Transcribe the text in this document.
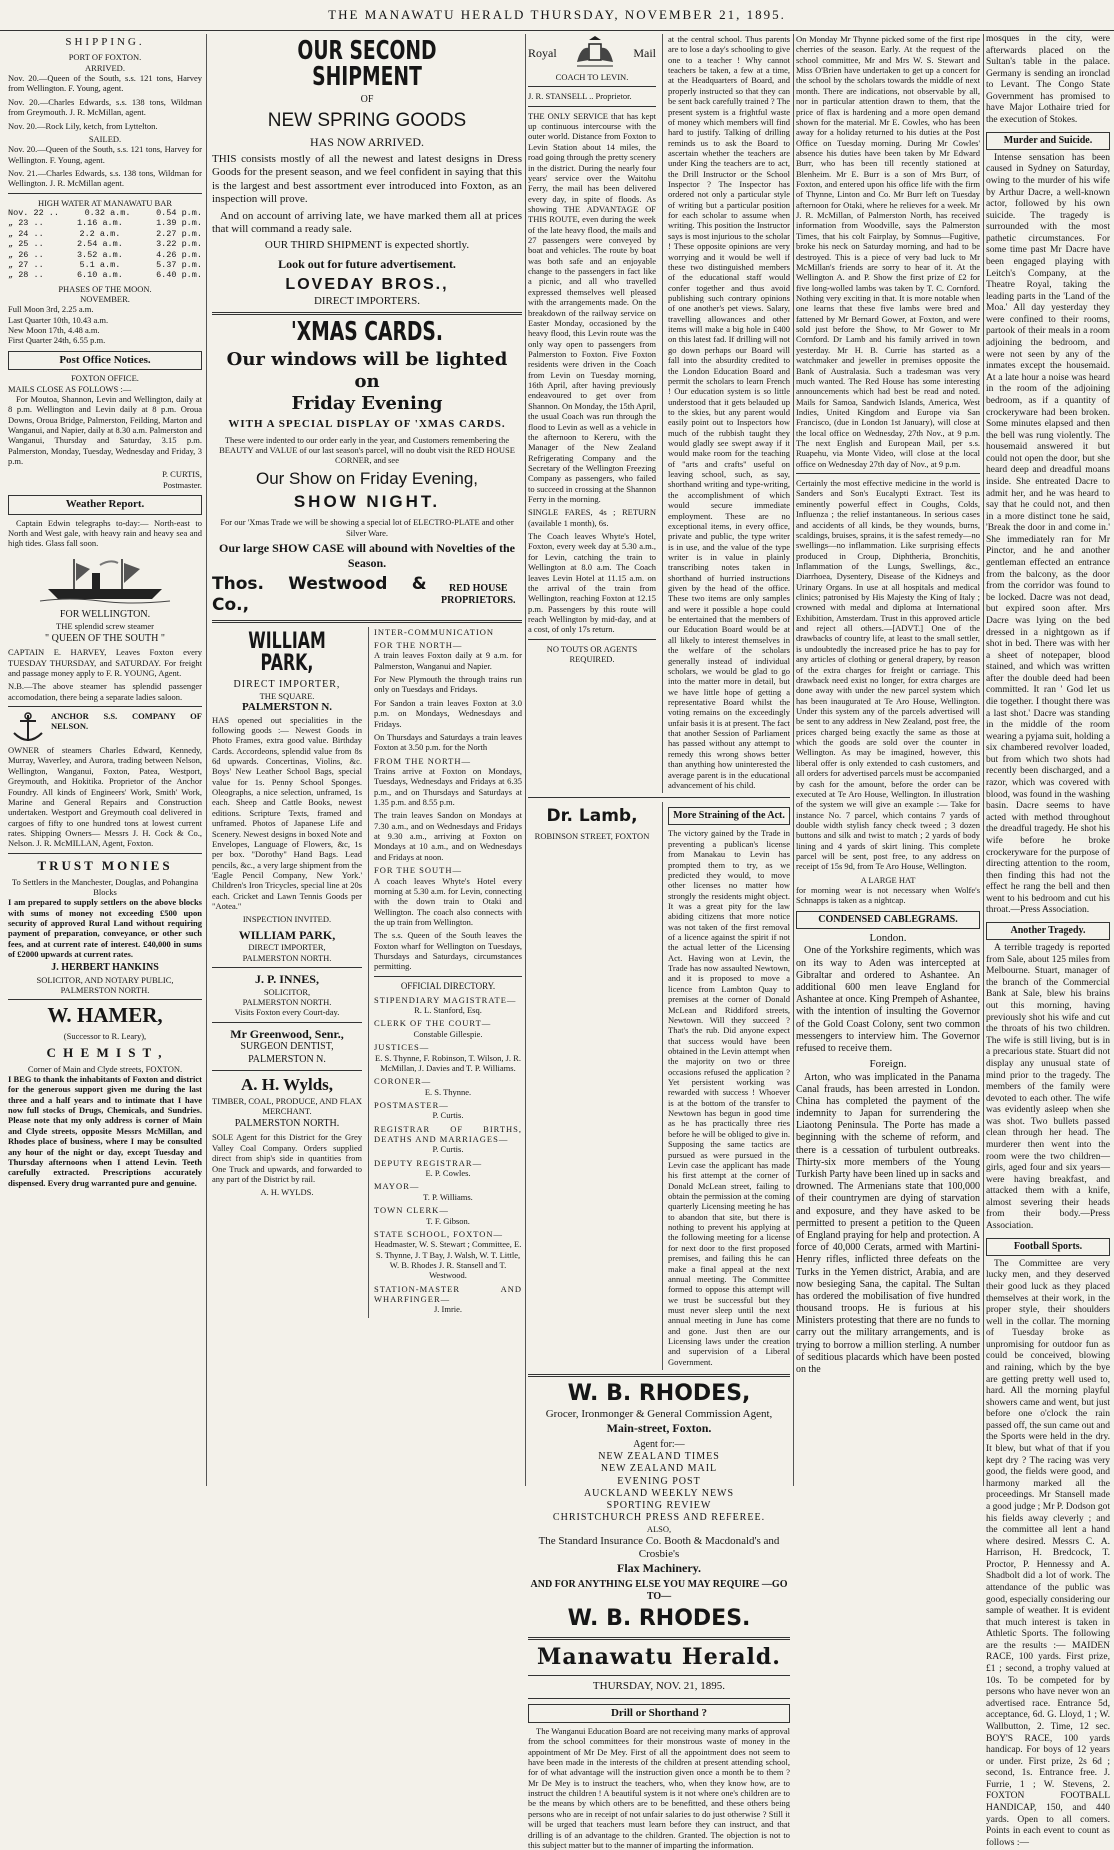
THE MANAWATU HERALD THURSDAY, NOVEMBER 21, 1895.
SHIPPING.
PORT OF FOXTON.
ARRIVED.

Nov. 20.—Queen of the South, s.s. 121 tons, Harvey from Wellington. F. Young, agent.

Nov. 20.—Charles Edwards, s.s. 138 tons, Wildman from Greymouth. J. R. McMillan, agent.

Nov. 20.—Rock Lily, ketch, from Lyttelton.

SAILED.

Nov. 20.—Queen of the South, s.s. 121 tons, Harvey for Wellington. F. Young, agent.

Nov. 21.—Charles Edwards, s.s. 138 tons, Wildman for Wellington. J. R. McMillan agent.

HIGH WATER AT MANAWATU BAR
Nov. 22 ..	0.32 a.m.	0.54 p.m.
„ 23 ..	1.16 a.m.	1.39 p.m.
„ 24 ..	2.2 a.m.	2.27 p.m.
„ 25 ..	2.54 a.m.	3.22 p.m.
„ 26 ..	3.52 a.m.	4.26 p.m.
„ 27 ..	5.1 a.m.	5.37 p.m.
„ 28 ..	6.10 a.m.	6.40 p.m.
PHASES OF THE MOON.
NOVEMBER.
Full Moon 3rd, 2.25 a.m.
Last Quarter 10th, 10.43 a.m.
New Moon 17th, 4.48 a.m.
First Quarter 24th, 6.55 p.m.
Post Office Notices.
FOXTON OFFICE.
MAILS CLOSE AS FOLLOWS :—

For Moutoa, Shannon, Levin and Wellington, daily at 8 p.m. Wellington and Levin daily at 8 p.m. Oroua Downs, Oroua Bridge, Palmerston, Feilding, Marton and Wanganui, and Napier, daily at 8.30 a.m. Palmerston and Wanganui, Thursday and Saturday, 3.15 p.m. Palmerston, Monday, Tuesday, Wednesday and Friday, 3 p.m.

P. CURTIS,
Postmaster.
Weather Report.

Captain Edwin telegraphs to-day:— North-east to North and West gale, with heavy rain and heavy sea and high tides. Glass fall soon.

FOR WELLINGTON.
THE splendid screw steamer
" QUEEN OF THE SOUTH "

CAPTAIN E. HARVEY, Leaves Foxton every TUESDAY THURSDAY, and SATURDAY. For freight and passage money apply to F. R. YOUNG, Agent.

N.B.—The above steamer has splendid passenger accomodation, there being a separate ladies saloon.

ANCHOR S.S. COMPANY OF NELSON.

OWNER of steamers Charles Edward, Kennedy, Murray, Waverley, and Aurora, trading between Nelson, Wellington, Wanganui, Foxton, Patea, Westport, Greymouth, and Hokitika. Proprietor of the Anchor Foundry. All kinds of Engineers' Work, Smith' Work, Marine and General Repairs and Construction undertaken. Westport and Greymouth coal delivered in cargoes of fifty to one hundred tons at lowest current rates. Shipping Owners— Messrs J. H. Cock & Co., Nelson. J. R. McMILLAN, Agent, Foxton.

TRUST MONIES
To Settlers in the Manchester, Douglas, and Pohangina Blocks

I am prepared to supply settlers on the above blocks with sums of money not exceeding £500 upon security of approved Rural Land without requiring payment of preparation, conveyance, or other such fees, and at current rate of interest. £40,000 in sums of £2000 upwards at current rates.

J. HERBERT HANKINS
SOLICITOR, AND NOTARY PUBLIC,
PALMERSTON NORTH.
W. HAMER,
(Successor to R. Leary),
C H E M I S T ,
Corner of Main and Clyde streets, FOXTON.

I BEG to thank the inhabitants of Foxton and district for the generous support given me during the last three and a half years and to intimate that I have now full stocks of Drugs, Chemicals, and Sundries. Please note that my only address is corner of Main and Clyde streets, opposite Messrs McMillan, and Rhodes place of business, where I may be consulted any hour of the night or day, except Tuesday and Thursday afternoons when I attend Levin. Teeth carefully extracted. Prescriptions accurately dispensed. Every drug warranted pure and genuine.

OUR SECOND SHIPMENT
OF
NEW SPRING GOODS
HAS NOW ARRIVED.

THIS consists mostly of all the newest and latest designs in Dress Goods for the present season, and we feel confident in saying that this is the largest and best assortment ever introduced into Foxton, as an inspection will prove.

And on account of arriving late, we have marked them all at prices that will command a ready sale.

OUR THIRD SHIPMENT is expected shortly.
Look out for future advertisement.
LOVEDAY BROS.,
DIRECT IMPORTERS.
'XMAS CARDS.
Our windows will be lighted on
Friday Evening
WITH A SPECIAL DISPLAY OF 'XMAS CARDS.

These were indented to our order early in the year, and Customers remembering the BEAUTY and VALUE of our last season's parcel, will no doubt visit the RED HOUSE CORNER, and see

Our Show on Friday Evening,
SHOW NIGHT.

For our 'Xmas Trade we will be showing a special lot of ELECTRO-PLATE and other Silver Ware.

Our large SHOW CASE will abound with Novelties of the Season.
Thos. Westwood & Co.,
RED HOUSE PROPRIETORS.
WILLIAM PARK,
DIRECT IMPORTER,
THE SQUARE.
PALMERSTON N.

HAS opened out specialities in the following goods :— Newest Goods in Photo Frames, extra good value. Birthday Cards. Accordeons, splendid value from 8s 6d upwards. Concertinas, Violins, &c. Boys' New Leather School Bags, special value for 1s. Penny School Sponges. Oleographs, a nice selection, unframed, 1s each. Sheep and Cattle Books, newest editions. Scripture Texts, framed and unframed. Photos of Japanese Life and Scenery. Newest designs in boxed Note and Envelopes, Language of Flowers, &c, 1s per box. "Dorothy" Hand Bags. Lead pencils, &c., a very large shipment from the 'Eagle Pencil Company, New York.' Children's Iron Tricycles, special line at 20s each. Cricket and Lawn Tennis Goods per "Aotea."

INSPECTION INVITED.
WILLIAM PARK,
DIRECT IMPORTER,
PALMERSTON NORTH.
J. P. INNES,
SOLICITOR,
PALMERSTON NORTH.
Visits Foxton every Court-day.
Mr Greenwood, Senr.,
SURGEON DENTIST,
PALMERSTON N.
A. H. Wylds,
TIMBER, COAL, PRODUCE, AND FLAX MERCHANT.
PALMERSTON NORTH.

SOLE Agent for this District for the Grey Valley Coal Company. Orders supplied direct from ship's side in quantities from One Truck and upwards, and forwarded to any part of the District by rail.

A. H. WYLDS.
INTER-COMMUNICATION
FOR THE NORTH—

A train leaves Foxton daily at 9 a.m. for Palmerston, Wanganui and Napier.

For New Plymouth the through trains run only on Tuesdays and Fridays.

For Sandon a train leaves Foxton at 3.0 p.m. on Mondays, Wednesdays and Fridays.

On Thursdays and Saturdays a train leaves Foxton at 3.50 p.m. for the North

FROM THE NORTH—

Trains arrive at Foxton on Mondays, Tuesdays, Wednesdays and Fridays at 6.35 p.m., and on Thursdays and Saturdays at 1.35 p.m. and 8.55 p.m.

The train leaves Sandon on Mondays at 7.30 a.m., and on Wednesdays and Fridays at 9.30 a.m., arriving at Foxton on Mondays at 10 a.m., and on Wednesdays and Fridays at noon.

FOR THE SOUTH—

A coach leaves Whyte's Hotel every morning at 5.30 a.m. for Levin, connecting with the down train to Otaki and Wellington. The coach also connects with the up train from Wellington.

The s.s. Queen of the South leaves the Foxton wharf for Wellington on Tuesdays, Thursdays and Saturdays, circumstances permitting.

OFFICIAL DIRECTORY.
STIPENDIARY MAGISTRATE—
R. L. Stanford, Esq.
CLERK OF THE COURT—
Constable Gillespie.
JUSTICES—
E. S. Thynne, F. Robinson, T. Wilson, J. R. McMillan, J. Davies and T. P. Williams.
CORONER—
E. S. Thynne.
POSTMASTER—
P. Curtis.
REGISTRAR OF BIRTHS, DEATHS AND MARRIAGES—
P. Curtis.
DEPUTY REGISTRAR—
E. P. Cowles.
MAYOR—
T. P. Williams.
TOWN CLERK—
T. F. Gibson.
STATE SCHOOL, FOXTON—
Headmaster, W. S. Stewart ; Committee, E. S. Thynne, J. T Bay, J. Walsh, W. T. Little, W. B. Rhodes J. R. Stansell and T. Westwood.
STATION-MASTER AND WHARFINGER—
J. Imrie.
Royal	Mail
COACH TO LEVIN.
J. R. STANSELL .. Proprietor.

THE ONLY SERVICE that has kept up continuous intercourse with the outer world. Distance from Foxton to Levin Station about 14 miles, the road going through the pretty scenery in the district. During the nearly four years' service over the Waitohu Ferry, the mail has been delivered every day, in spite of floods. As showing THE ADVANTAGE OF THIS ROUTE, even during the week of the late heavy flood, the mails and 27 passengers were conveyed by boat and vehicles. The route by boat was both safe and an enjoyable change to the passengers in fact like a picnic, and all who travelled expressed themselves well pleased with the arrangements made. On the breakdown of the railway service on Easter Monday, occasioned by the heavy flood, this Levin route was the only way open to passengers from Palmerston to Foxton. Five Foxton residents were driven in the Coach from Levin on Tuesday morning, 16th April, after having previously endeavoured to get over from Shannon. On Monday, the 15th April, the usual Coach was run through the flood to Levin as well as a vehicle in the afternoon to Kereru, with the Manager of the New Zealand Refrigerating Company and the Secretary of the Wellington Freezing Company as passengers, who failed to succeed in crossing at the Shannon Ferry in the morning.

SINGLE FARES, 4s ; RETURN (available 1 month), 6s.

The Coach leaves Whyte's Hotel, Foxton, every week day at 5.30 a.m., for Levin, catching the train to Wellington at 8.0 a.m. The Coach leaves Levin Hotel at 11.15 a.m. on the arrival of the train from Wellington, reaching Foxton at 12.15 p.m. Passengers by this route will reach Wellington by mid-day, and at a cost, of only 17s return.

NO TOUTS OR AGENTS REQUIRED.

at the central school. Thus parents are to lose a day's schooling to give one to a teacher ! Why cannot teachers be taken, a few at a time, at the Headquarters of Board, and properly instructed so that they can be sent back carefully trained ? The present system is a frightful waste of money which members will find hard to justify. Talking of drilling reminds us to ask the Board to ascertain whether the teachers are under King the teachers are to act, the Drill Instructor or the School Inspector ? The Inspector has ordered not only a particular style of writing but a particular position for each scholar to assume when writing. This position the Instructor says is most injurious to the scholar ! These opposite opinions are very worrying and it would be well if these two distinguished members of the educational staff would confer together and thus avoid publishing such contrary opinions of one another's pet views. Salary, travelling allowances and other items will make a big hole in £400 on this latest fad. If drilling will not go down perhaps our Board will fall into the absurdity credited to the London Education Board and permit the scholars to learn French ! Our education system is so little understood that it gets belauded up to the skies, but any parent would easily point out to Inspectors how much of the rubbish taught they would gladly see swept away if it would make room for the teaching of "arts and crafts" useful on leaving school, such, as say, shorthand writing and type-writing, the accomplishment of which would secure immediate employment. These are no exceptional items, in every office, private and public, the type writer is in use, and the value of the type writer is in value in plainly transcribing notes taken in shorthand of hurried instructions given by the head of the office. These two items are only samples and were it possible a hope could be entertained that the members of our Education Board would be at all likely to interest themselves in the welfare of the scholars generally instead of individual scholars, we would be glad to go into the matter more in detail, but we have little hope of getting a representative Board whilst the voting remains on the exceedingly unfair basis it is at present. The fact that another Session of Parliament has passed without any attempt to remedy this wrong shows better than anything how uninterested the average parent is in the educational advancement of his child.

Dr. Lamb,
ROBINSON STREET, FOXTON
More Straining of the Act.

The victory gained by the Trade in preventing a publican's license from Manakau to Levin has prompted them to try, as we predicted they would, to move other licenses no matter how strongly the residents might object. It was a great pity for the law abiding citizens that more notice was not taken of the first removal of a licence against the spirit if not the actual letter of the Licensing Act. Having won at Levin, the Trade has now assaulted Newtown, and it is proposed to move a licence from Lambton Quay to premises at the corner of Donald McLean and Riddiford streets, Newtown. Will they succeed ? That's the rub. Did anyone expect that success would have been obtained in the Levin attempt when the majority on two or three occasions refused the application ? Yet persistent working was rewarded with success ! Whoever is at the bottom of the transfer to Newtown has begun in good time as he has practically three ries before he will be obliged to give in. Supposing the same tactics are pursued as were pursued in the Levin case the applicant has made his first attempt at the corner of Donald McLean street, failing to obtain the permission at the coming quarterly Licensing meeting he has to abandon that site, but there is nothing to prevent his applying at the following meeting for a license for next door to the first proposed premises, and failing this he can make a final appeal at the next annual meeting. The Committee formed to oppose this attempt will we trust be successful but they must never sleep until the next annual meeting in June has come and gone. Just then are our Licensing laws under the creation and supervision of a Liberal Government.

W. B. RHODES,
Grocer, Ironmonger & General Commission Agent,
Main-street, Foxton.
Agent for:—
NEW ZEALAND TIMES
NEW ZEALAND MAIL
EVENING POST
AUCKLAND WEEKLY NEWS
SPORTING REVIEW
CHRISTCHURCH PRESS AND REFEREE.
ALSO,
The Standard Insurance Co. Booth & Macdonald's and Crosbie's
Flax Machinery.
AND FOR ANYTHING ELSE YOU MAY REQUIRE —GO TO—
W. B. RHODES.
Manawatu Herald.
THURSDAY, NOV. 21, 1895.
Drill or Shorthand ?

The Wanganui Education Board are not receiving many marks of approval from the school committees for their monstrous waste of money in the appointment of Mr De Mey. First of all the appointment does not seem to have been made in the interests of the children at present attending school, for of what advantage will the instruction given once a month be to them ? Mr De Mey is to instruct the teachers, who, when they know how, are to instruct the children ! A beautiful system is it not where one's children are to be the means by which others are to be benefitted, and these others being persons who are in receipt of not unfair salaries to do just otherwise ? Still it will be urged that teachers must learn before they can instruct, and that drilling is of an advantage to the children. Granted. The objection is not to this subject matter but to the manner of imparting the information.

On Monday Mr Thynne picked some of the first ripe cherries of the season. Early. At the request of the school committee, Mr and Mrs W. S. Stewart and Miss O'Brien have undertaken to get up a concert for the school by the scholars towards the middle of next month. There are indications, not observable by all, nor in particular attention drawn to them, that the price of flax is hardening and a more open demand shown for the material. Mr E. Cowles, who has been away for a holiday returned to his duties at the Post Office on Tuesday morning. During Mr Cowles' absence his duties have been taken by Mr Edward Burr, who has been till recently stationed at Blenheim. Mr E. Burr is a son of Mrs Burr, of Foxton, and entered upon his office life with the firm of Thynne, Linton and Co. Mr Burr left on Tuesday afternoon for Otaki, where he relieves for a week. Mr J. R. McMillan, of Palmerston North, has received information from Woodville, says the Palmerston Times, that his colt Fairplay, by Somnus—Fugitive, broke his neck on Saturday morning, and had to be destroyed. This is a piece of very bad luck to Mr McMillan's friends are sorry to hear of it. At the Wellington A. and P. Show the first prize of £2 for five long-wolled lambs was taken by T. C. Cornford. Nothing very exciting in that. It is more notable when one learns that these five lambs were bred and fattened by Mr Bernard Gower, at Foxton, and were sold just before the Show, to Mr Gower to Mr Cornford. Dr Lamb and his family arrived in town yesterday. Mr H. B. Currie has started as a watchmaker and jeweller in premises opposite the Bank of Australasia. Such a tradesman was very much wanted. The Red House has some interesting announcements which had best be read and noted. Mails for Samoa, Sandwich Islands, America, West Indies, United Kingdom and Europe via San Francisco, (due in London 1st January), will close at the local office on Wednesday, 27th Nov., at 9 p.m. The next English and European Mail, per s.s. Ruapehu, via Monte Video, will close at the local office on Wednesday 27th day of Nov., at 9 p.m.

Certainly the most effective medicine in the world is Sanders and Son's Eucalypti Extract. Test its eminently powerful effect in Coughs, Colds, Influenza ; the relief instantaneous. In serious cases and accidents of all kinds, be they wounds, burns, scaldings, bruises, sprains, it is the safest remedy—no swellings—no inflammation. Like surprising effects produced in Croup, Diphtheria, Bronchitis, Inflammation of the Lungs, Swellings, &c., Diarrhoea, Dysentery, Disease of the Kidneys and Urinary Organs. In use at all hospitals and medical clinics; patronised by His Majesty the King of Italy ; crowned with medal and diploma at International Exhibition, Amsterdam. Trust in this approved article and reject all others.—[ADVT.] One of the drawbacks of country life, at least to the small settler, is undoubtedly the increased price he has to pay for any articles of clothing or general drapery, by reason of the extra charges for freight or carriage. This drawback need exist no longer, for extra charges are done away with under the new parcel system which has been inaugurated at Te Aro House, Wellington. Under this system any of the parcels advertised will be sent to any address in New Zealand, post free, the prices charged being exactly the same as those at which the goods are sold over the counter in Wellington. As may be imagined, however, this liberal offer is only extended to cash customers, and all orders for advertised parcels must be accompanied by cash for the amount, before the order can be executed at Te Aro House, Wellington. In illustration of the system we will give an example :— Take for instance No. 7 parcel, which contains 7 yards of double width stylish fancy check tweed ; 3 dozen buttons and silk and twist to match ; 2 yards of body lining and 4 yards of skirt lining. This complete parcel will be sent, post free, to any address on receipt of 15s 9d, from Te Aro House, Wellington.

A LARGE HAT

for morning wear is not necessary when Wolfe's Schnapps is taken as a nightcap.

CONDENSED CABLEGRAMS.
London.

One of the Yorkshire regiments, which was on its way to Aden was intercepted at Gibraltar and ordered to Ashantee. An additional 600 men leave England for Ashantee at once. King Prempeh of Ashantee, with the intention of insulting the Governor of the Gold Coast Colony, sent two common messengers to interview him. The Governor refused to receive them.

Foreign.

Arton, who was implicated in the Panama Canal frauds, has been arrested in London. China has completed the payment of the indemnity to Japan for surrendering the Liaotong Peninsula. The Porte has made a beginning with the scheme of reform, and there is a cessation of turbulent outbreaks. Thirty-six more members of the Young Turkish Party have been lined up in sacks and drowned. The Armenians state that 100,000 of their countrymen are dying of starvation and exposure, and they have asked to be permitted to present a petition to the Queen of England praying for help and protection. A force of 40,000 Cerats, armed with Martini-Henry rifles, inflicted three defeats on the Turks in the Yemen district, Arabia, and are now besieging Sana, the capital. The Sultan has ordered the mobilisation of five hundred thousand troops. He is furious at his Ministers protesting that there are no funds to carry out the military arrangements, and is trying to borrow a million sterling. A number of seditious placards which have been posted on the

mosques in the city, were afterwards placed on the Sultan's table in the palace. Germany is sending an ironclad to Levant. The Congo State Government has promised to have Major Lothaire tried for the execution of Stokes.

Murder and Suicide.

Intense sensation has been caused in Sydney on Saturday, owing to the murder of his wife by Arthur Dacre, a well-known actor, followed by his own suicide. The tragedy is surrounded with the most pathetic circumstances. For some time past Mr Dacre have been engaged playing with Leitch's Company, at the Theatre Royal, taking the leading parts in the 'Land of the Moa.' All day yesterday they were confined to their rooms, partook of their meals in a room adjoining the bedroom, and were not seen by any of the inmates except the housemaid. At a late hour a noise was heard in the room of the adjoining bedroom, as if a quantity of crockeryware had been broken. Some minutes elapsed and then the bell was rung violently. The housemaid answered it but could not open the door, but she heard deep and dreadful moans inside. She entreated Dacre to admit her, and he was heard to say that he could not, and then in a more distinct tone he said, 'Break the door in and come in.' She immediately ran for Mr Pinctor, and he and another gentleman effected an entrance from the balcony, as the door from the corridor was found to be locked. Dacre was not dead, but expired soon after. Mrs Dacre was lying on the bed dressed in a nightgown as if shot in bed. There was with her a sheet of notepaper, blood stained, and which was written after the double deed had been committed. It ran ' God let us die together. I thought there was a last shot.' Dacre was standing in the middle of the room wearing a pyjama suit, holding a six chambered revolver loaded, but from which two shots had recently been discharged, and a razor, which was covered with blood, was found in the washing basin. Dacre seems to have acted with method throughout the dreadful tragedy. He shot his wife before he broke crockeryware for the purpose of directing attention to the room, then finding this had not the effect he rang the bell and then went to his bedroom and cut his throat.—Press Association.

Another Tragedy.

A terrible tragedy is reported from Sale, about 125 miles from Melbourne. Stuart, manager of the branch of the Commercial Bank at Sale, blew his brains out this morning, having previously shot his wife and cut the throats of his two children. The wife is still living, but is in a precarious state. Stuart did not display any unusual state of mind prior to the tragedy. The members of the family were devoted to each other. The wife was evidently asleep when she was shot. Two bullets passed clean through her head. The murderer then went into the room were the two children—girls, aged four and six years—were having breakfast, and attacked them with a knife, almost severing their heads from their body.—Press Association.

Football Sports.

The Committee are very lucky men, and they deserved their good luck as they placed themselves at their work, in the proper style, their shoulders well in the collar. The morning of Tuesday broke as unpromising for outdoor fun as could be conceived, blowing and raining, which by the bye are getting pretty well used to, hard. All the morning playful showers came and went, but just before one o'clock the rain passed off, the sun came out and the Sports were held in the dry. It blew, but what of that if you kept dry ? The racing was very good, the fields were good, and harmony marked all the proceedings. Mr Stansell made a good judge ; Mr P. Dodson got his fields away cleverly ; and the committee all lent a hand where desired. Messrs C. A. Harrison, H. Bredcock, T. Proctor, P. Hennessy and A. Shadbolt did a lot of work. The attendance of the public was good, especially considering our sample of weather. It is evident that much interest is taken in Athletic Sports. The following are the results :— MAIDEN RACE, 100 yards. First prize, £1 ; second, a trophy valued at 10s. To be competed for by persons who have never won an advertised race. Entrance 5d, acceptance, 6d. G. Lloyd, 1 ; W. Wallbutton, 2. Time, 12 sec. BOY'S RACE, 100 yards handicap. For boys of 12 years or under. First prize, 2s 6d ; second, 1s. Entrance free. J. Furrie, 1 ; W. Stevens, 2. FOXTON FOOTBALL HANDICAP, 150, and 440 yards. Open to all comers. Points in each event to count as follows :—
